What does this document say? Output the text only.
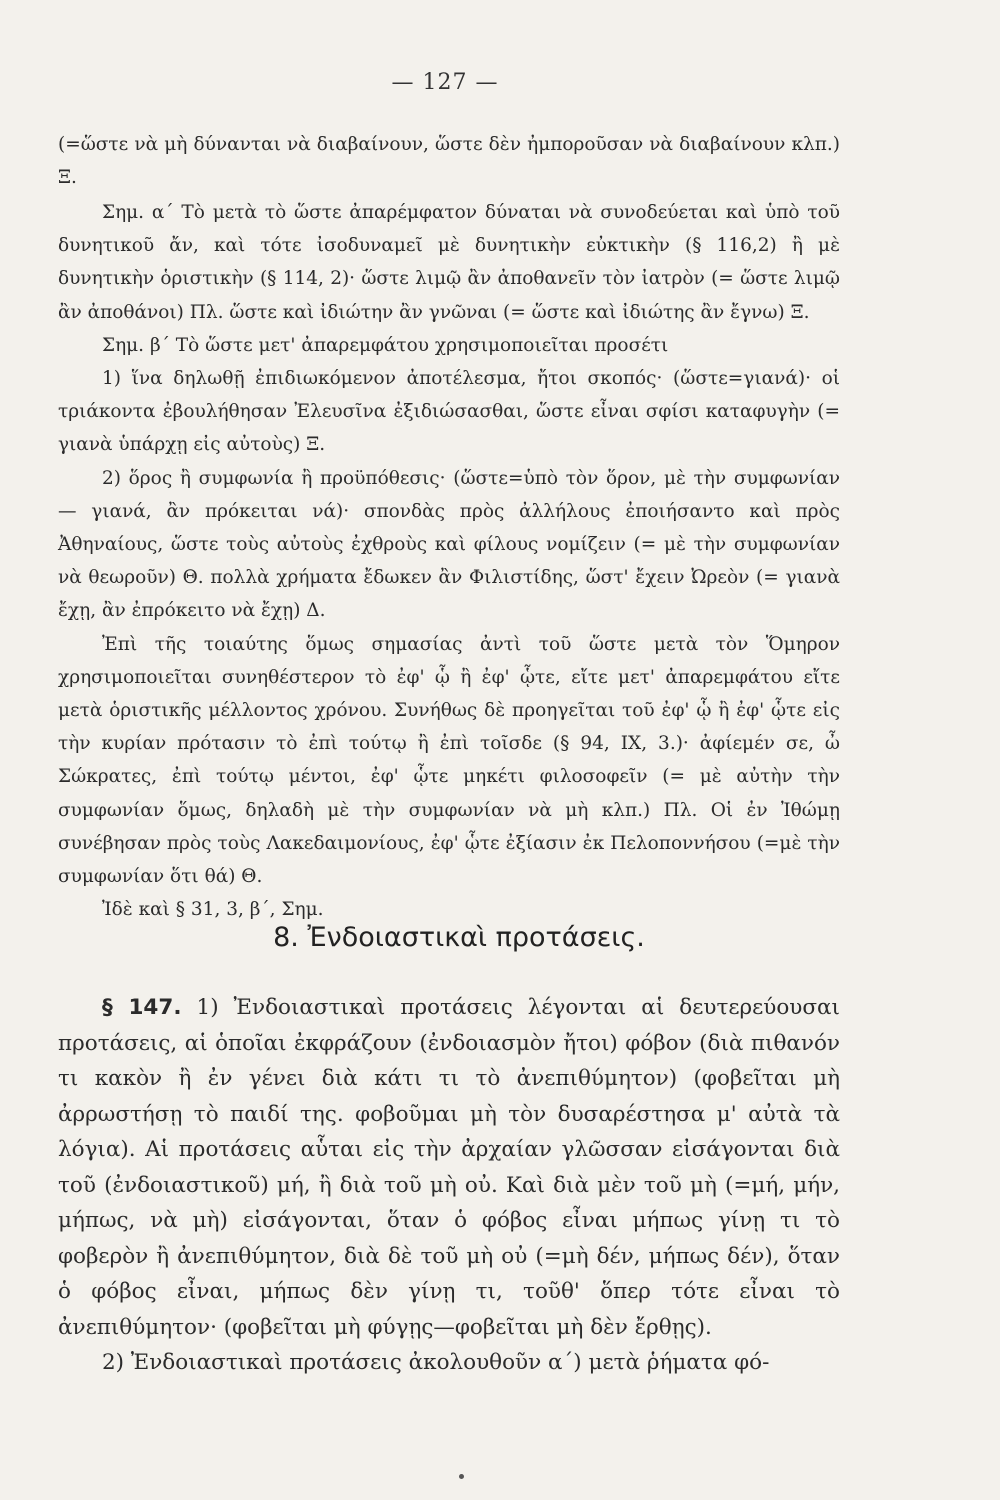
— 127 —

(=ὥστε νὰ μὴ δύνανται νὰ διαβαίνουν, ὥστε δὲν ἠμποροῦσαν νὰ διαβαίνουν κλπ.) Ξ.

Σημ. α΄ Τὸ μετὰ τὸ ὥστε ἀπαρέμφατον δύναται νὰ συνοδεύεται καὶ ὑπὸ τοῦ δυνητικοῦ ἄν, καὶ τότε ἰσοδυναμεῖ μὲ δυνητικὴν εὐκτικὴν (§ 116,2) ἢ μὲ δυνητικὴν ὁριστικὴν (§ 114, 2)· ὥστε λιμῷ ἂν ἀποθανεῖν τὸν ἰατρὸν (= ὥστε λιμῷ ἂν ἀποθάνοι) Πλ. ὥστε καὶ ἰδιώτην ἂν γνῶναι (= ὥστε καὶ ἰδιώτης ἂν ἔγνω) Ξ.

Σημ. β΄ Τὸ ὥστε μετ' ἀπαρεμφάτου χρησιμοποιεῖται προσέτι

1) ἵνα δηλωθῇ ἐπιδιωκόμενον ἀποτέλεσμα, ἤτοι σκοπός· (ὥστε=γιανά)· οἱ τριάκοντα ἐβουλήθησαν Ἐλευσῖνα ἐξιδιώσασθαι, ὥστε εἶναι σφίσι καταφυγὴν (= γιανὰ ὑπάρχῃ εἰς αὐτοὺς) Ξ.

2) ὅρος ἢ συμφωνία ἢ προϋπόθεσις· (ὥστε=ὑπὸ τὸν ὅρον, μὲ τὴν συμφωνίαν — γιανά, ἂν πρόκειται νά)· σπονδὰς πρὸς ἀλλήλους ἐποιήσαντο καὶ πρὸς Ἀθηναίους, ὥστε τοὺς αὐτοὺς ἐχθροὺς καὶ φίλους νομίζειν (= μὲ τὴν συμφωνίαν νὰ θεωροῦν) Θ. πολλὰ χρήματα ἔδωκεν ἂν Φιλιστίδης, ὥστ' ἔχειν Ὠρεὸν (= γιανὰ ἔχῃ, ἂν ἐπρόκειτο νὰ ἔχῃ) Δ.

Ἐπὶ τῆς τοιαύτης ὅμως σημασίας ἀντὶ τοῦ ὥστε μετὰ τὸν Ὅμηρον χρησιμοποιεῖται συνηθέστερον τὸ ἐφ' ᾧ ἢ ἐφ' ᾧτε, εἴτε μετ' ἀπαρεμφάτου εἴτε μετὰ ὁριστικῆς μέλλοντος χρόνου. Συνήθως δὲ προηγεῖται τοῦ ἐφ' ᾧ ἢ ἐφ' ᾧτε εἰς τὴν κυρίαν πρότασιν τὸ ἐπὶ τούτῳ ἢ ἐπὶ τοῖσδε (§ 94, IX, 3.)· ἀφίεμέν σε, ὦ Σώκρατες, ἐπὶ τούτῳ μέντοι, ἐφ' ᾧτε μηκέτι φιλοσοφεῖν (= μὲ αὐτὴν τὴν συμφωνίαν ὅμως, δηλαδὴ μὲ τὴν συμφωνίαν νὰ μὴ κλπ.) Πλ. Οἱ ἐν Ἰθώμῃ συνέβησαν πρὸς τοὺς Λακεδαιμονίους, ἐφ' ᾧτε ἐξίασιν ἐκ Πελοποννήσου (=μὲ τὴν συμφωνίαν ὅτι θά) Θ.

Ἰδὲ καὶ § 31, 3, β΄, Σημ.

8. Ἐνδοιαστικαὶ προτάσεις.

§ 147. 1) Ἐνδοιαστικαὶ προτάσεις λέγονται αἱ δευτερεύουσαι προτάσεις, αἱ ὁποῖαι ἐκφράζουν (ἐνδοιασμὸν ἤτοι) φόβον (διὰ πιθανόν τι κακὸν ἢ ἐν γένει διὰ κάτι τι τὸ ἀνεπιθύμητον) (φοβεῖται μὴ ἀρρωστήσῃ τὸ παιδί της. φοβοῦμαι μὴ τὸν δυσαρέστησα μ' αὐτὰ τὰ λόγια). Αἱ προτάσεις αὗται εἰς τὴν ἀρχαίαν γλῶσσαν εἰσάγονται διὰ τοῦ (ἐνδοιαστικοῦ) μή, ἢ διὰ τοῦ μὴ οὐ. Καὶ διὰ μὲν τοῦ μὴ (=μή, μήν, μήπως, νὰ μὴ) εἰσάγονται, ὅταν ὁ φόβος εἶναι μήπως γίνῃ τι τὸ φοβερὸν ἢ ἀνεπιθύμητον, διὰ δὲ τοῦ μὴ οὐ (=μὴ δέν, μήπως δέν), ὅταν ὁ φόβος εἶναι, μήπως δὲν γίνῃ τι, τοῦθ' ὅπερ τότε εἶναι τὸ ἀνεπιθύμητον· (φοβεῖται μὴ φύγῃς—φοβεῖται μὴ δὲν ἔρθῃς).

2) Ἐνδοιαστικαὶ προτάσεις ἀκολουθοῦν α΄) μετὰ ῥήματα φό-
